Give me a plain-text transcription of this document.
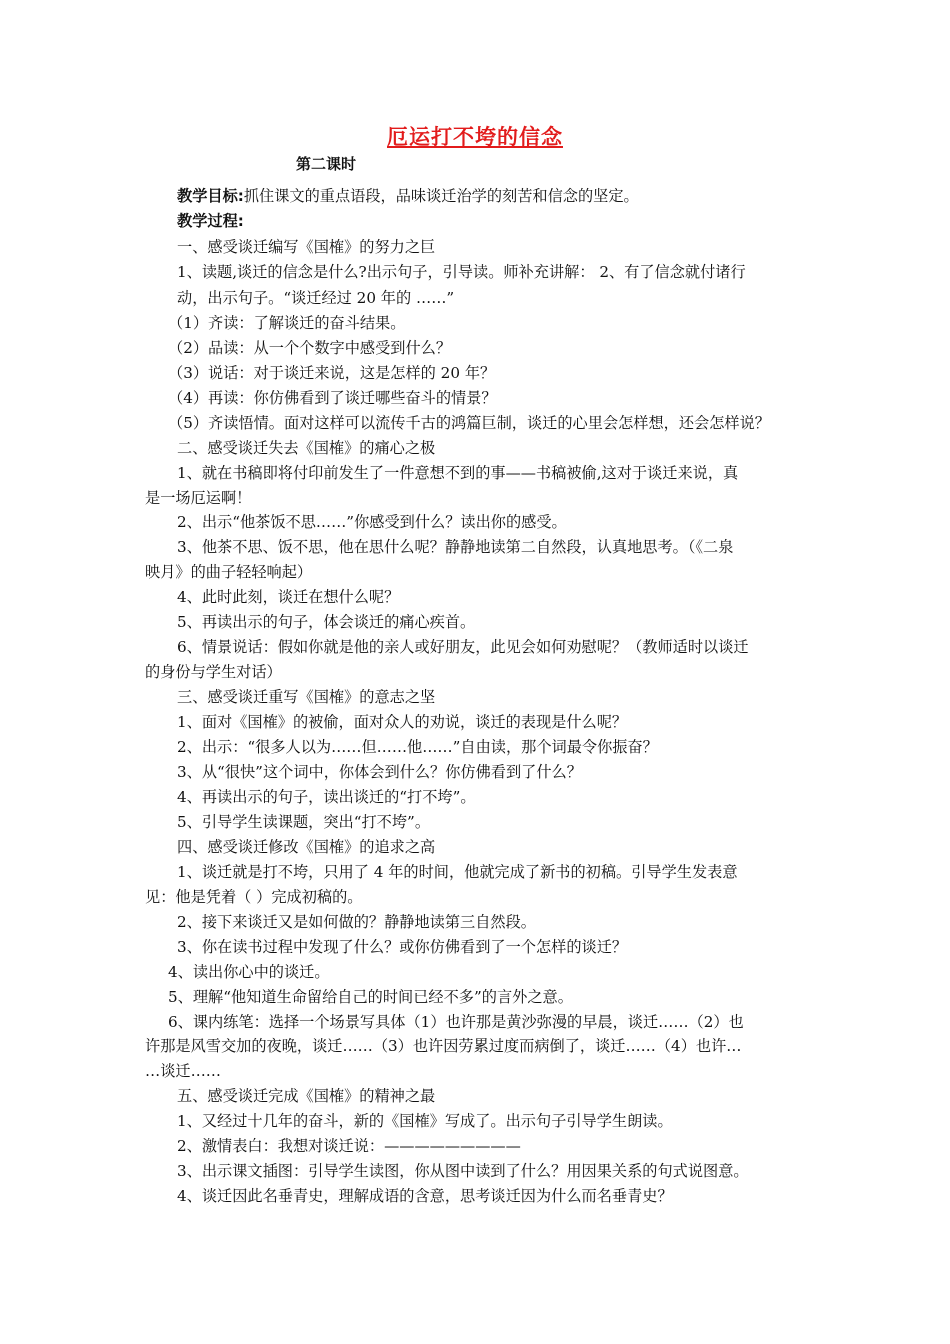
厄运打不垮的信念
第二课时
教学目标:抓住课文的重点语段，品味谈迁治学的刻苦和信念的坚定。
教学过程:
一、感受谈迁编写《国榷》的努力之巨
1、读题,谈迁的信念是什么?出示句子，引导读。师补充讲解： 2、有了信念就付诸行
动，出示句子。“谈迁经过 20 年的 ……”
（1）齐读：了解谈迁的奋斗结果。
（2）品读：从一个个数字中感受到什么？
（3）说话：对于谈迁来说，这是怎样的 20 年？
（4）再读：你仿佛看到了谈迁哪些奋斗的情景？
（5）齐读悟情。面对这样可以流传千古的鸿篇巨制，谈迁的心里会怎样想，还会怎样说？
二、感受谈迁失去《国榷》的痛心之极
1、就在书稿即将付印前发生了一件意想不到的事——书稿被偷,这对于谈迁来说，真
是一场厄运啊！
2、出示“他茶饭不思……”你感受到什么？读出你的感受。
3、他茶不思、饭不思，他在思什么呢？静静地读第二自然段，认真地思考。（《二泉
映月》的曲子轻轻响起）
4、此时此刻，谈迁在想什么呢？
5、再读出示的句子，体会谈迁的痛心疾首。
6、情景说话：假如你就是他的亲人或好朋友，此见会如何劝慰呢？（教师适时以谈迁
的身份与学生对话）
三、感受谈迁重写《国榷》的意志之坚
1、面对《国榷》的被偷，面对众人的劝说，谈迁的表现是什么呢？
2、出示：“很多人以为……但……他……”自由读，那个词最令你振奋？
3、从“很快”这个词中，你体会到什么？你仿佛看到了什么？
4、再读出示的句子，读出谈迁的“打不垮”。
5、引导学生读课题，突出“打不垮”。
四、感受谈迁修改《国榷》的追求之高
1、谈迁就是打不垮，只用了 4 年的时间，他就完成了新书的初稿。引导学生发表意
见：他是凭着（ ）完成初稿的。
2、接下来谈迁又是如何做的？静静地读第三自然段。
3、你在读书过程中发现了什么？或你仿佛看到了一个怎样的谈迁？
4、读出你心中的谈迁。
5、理解“他知道生命留给自己的时间已经不多”的言外之意。
6、课内练笔：选择一个场景写具体（1）也许那是黄沙弥漫的早晨，谈迁……（2）也
许那是风雪交加的夜晚，谈迁……（3）也许因劳累过度而病倒了，谈迁……（4）也许…
…谈迁……
五、感受谈迁完成《国榷》的精神之最
1、又经过十几年的奋斗，新的《国榷》写成了。出示句子引导学生朗读。
2、激情表白：我想对谈迁说：—————————
3、出示课文插图：引导学生读图，你从图中读到了什么？用因果关系的句式说图意。
4、谈迁因此名垂青史，理解成语的含意，思考谈迁因为什么而名垂青史？
